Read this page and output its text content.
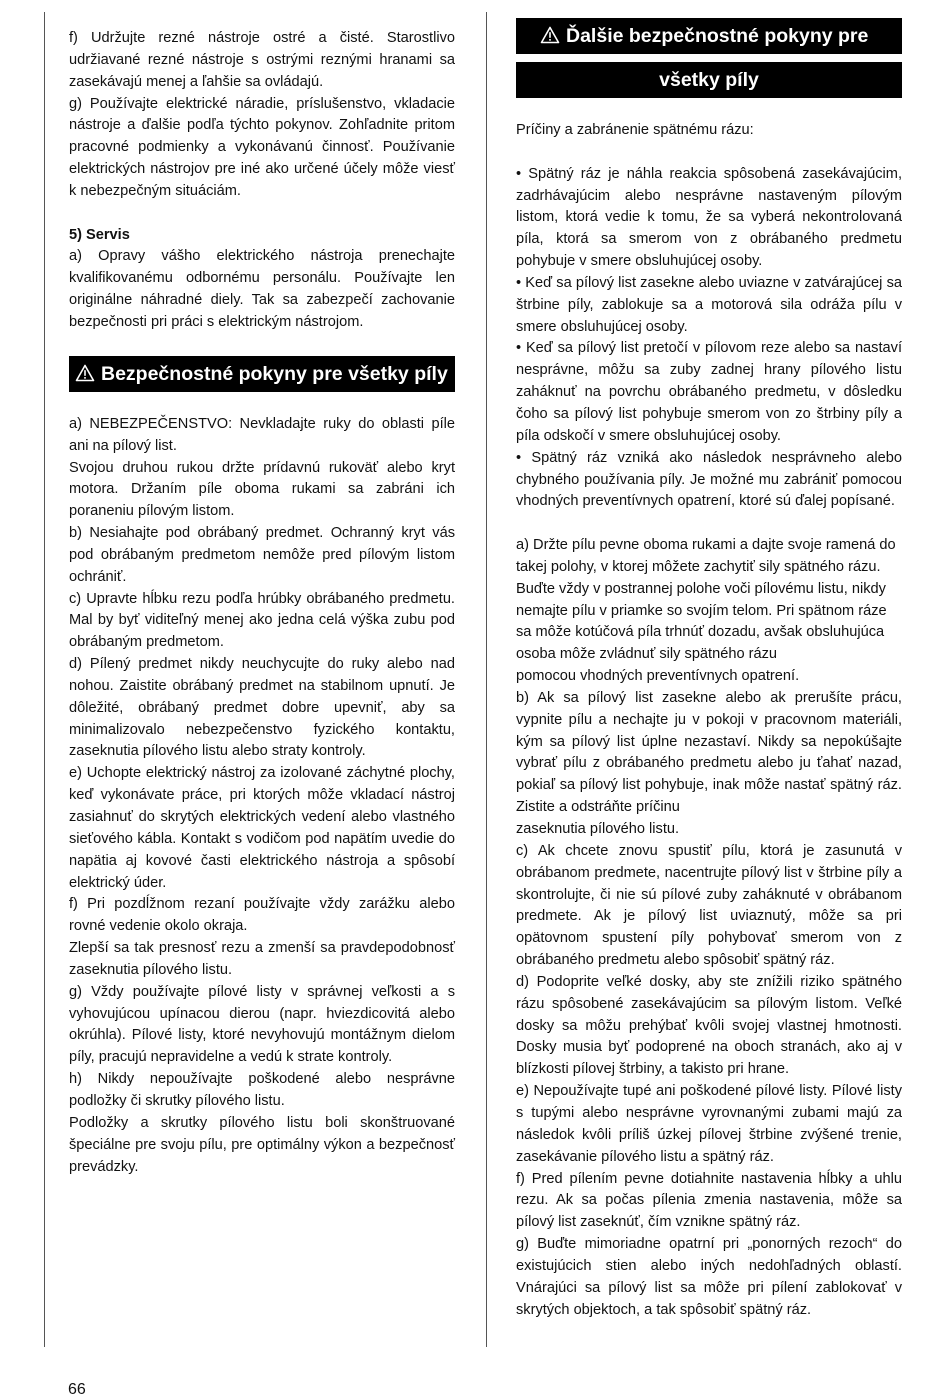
f) Udržujte rezné nástroje ostré a čisté. Starostlivo udržiavané rezné nástroje s ostrými reznými hranami sa zasekávajú menej a ľahšie sa ovládajú.

g) Používajte elektrické náradie, príslušenstvo, vkladacie nástroje a ďalšie podľa týchto pokynov. Zohľadnite pritom pracovné podmienky a vykonávanú činnosť. Používanie elektrických nástrojov pre iné ako určené účely môže viesť k nebezpečným situáciám.

5) Servis

a) Opravy vášho elektrického nástroja prenechajte kvalifikovanému odbornému personálu. Používajte len originálne náhradné diely. Tak sa zabezpečí zachovanie bezpečnosti pri práci s elektrickým nástrojom.

Bezpečnostné pokyny pre všetky píly

a) NEBEZPEČENSTVO: Nevkladajte ruky do oblasti píle ani na pílový list.

Svojou druhou rukou držte prídavnú rukoväť alebo kryt motora. Držaním píle oboma rukami sa zabráni ich poraneniu pílovým listom.

b) Nesiahajte pod obrábaný predmet. Ochranný kryt vás pod obrábaným predmetom nemôže pred pílovým listom ochrániť.

c) Upravte hĺbku rezu podľa hrúbky obrábaného predmetu. Mal by byť viditeľný menej ako jedna celá výška zubu pod obrábaným predmetom.

d) Pílený predmet nikdy neuchycujte do ruky alebo nad nohou. Zaistite obrábaný predmet na stabilnom upnutí. Je dôležité, obrábaný predmet dobre upevniť, aby sa minimalizovalo nebezpečenstvo fyzického kontaktu, zaseknutia pílového listu alebo straty kontroly.

e) Uchopte elektrický nástroj za izolované záchytné plochy, keď vykonávate práce, pri ktorých môže vkladací nástroj zasiahnuť do skrytých elektrických vedení alebo vlastného sieťového kábla. Kontakt s vodičom pod napätím uvedie do napätia aj kovové časti elektrického nástroja a spôsobí elektrický úder.

f) Pri pozdĺžnom rezaní používajte vždy zarážku alebo rovné vedenie okolo okraja.

Zlepší sa tak presnosť rezu a zmenší sa pravdepodobnosť zaseknutia pílového listu.

g) Vždy používajte pílové listy v správnej veľkosti a s vyhovujúcou upínacou dierou (napr. hviezdicovitá alebo okrúhla). Pílové listy, ktoré nevyhovujú montážnym dielom píly, pracujú nepravidelne a vedú k strate kontroly.

h) Nikdy nepoužívajte poškodené alebo nesprávne podložky či skrutky pílového listu.

Podložky a skrutky pílového listu boli skonštruované špeciálne pre svoju pílu, pre optimálny výkon a bezpečnosť prevádzky.

Ďalšie bezpečnostné pokyny pre
všetky píly

Príčiny a zabránenie spätnému rázu:

• Spätný ráz je náhla reakcia spôsobená zasekávajúcim, zadrhávajúcim alebo nesprávne nastaveným pílovým listom, ktorá vedie k tomu, že sa vyberá nekontrolovaná píla, ktorá sa smerom von z obrábaného predmetu pohybuje v smere obsluhujúcej osoby.

• Keď sa pílový list zasekne alebo uviazne v zatvárajúcej sa štrbine píly, zablokuje sa a motorová sila odráža pílu v smere obsluhujúcej osoby.

• Keď sa pílový list pretočí v pílovom reze alebo sa nastaví nesprávne, môžu sa zuby zadnej hrany pílového listu zaháknuť na povrchu obrábaného predmetu, v dôsledku čoho sa pílový list pohybuje smerom von zo štrbiny píly a píla odskočí v smere obsluhujúcej osoby.

• Spätný ráz vzniká ako následok nesprávneho alebo chybného používania píly. Je možné mu zabrániť pomocou vhodných preventívnych opatrení, ktoré sú ďalej popísané.

a) Držte pílu pevne oboma rukami a dajte svoje ramená do takej polohy, v ktorej môžete zachytiť sily spätného rázu. Buďte vždy v postrannej polohe voči pílovému listu, nikdy nemajte pílu v priamke so svojím telom. Pri spätnom ráze sa môže kotúčová píla trhnúť dozadu, avšak obsluhujúca osoba môže zvládnuť sily spätného rázu

pomocou vhodných preventívnych opatrení.

b) Ak sa pílový list zasekne alebo ak prerušíte prácu, vypnite pílu a nechajte ju v pokoji v pracovnom materiáli, kým sa pílový list úplne nezastaví. Nikdy sa nepokúšajte vybrať pílu z obrábaného predmetu alebo ju ťahať nazad, pokiaľ sa pílový list pohybuje, inak môže nastať spätný ráz. Zistite a odstráňte príčinu

zaseknutia pílového listu.

c) Ak chcete znovu spustiť pílu, ktorá je zasunutá v obrábanom predmete, nacentrujte pílový list v štrbine píly a skontrolujte, či nie sú pílové zuby zaháknuté v obrábanom predmete. Ak je pílový list uviaznutý, môže sa pri opätovnom spustení píly pohybovať smerom von z obrábaného predmetu alebo spôsobiť spätný ráz.

d) Podoprite veľké dosky, aby ste znížili riziko spätného rázu spôsobené zasekávajúcim sa pílovým listom. Veľké dosky sa môžu prehýbať kvôli svojej vlastnej hmotnosti. Dosky musia byť podoprené na oboch stranách, ako aj v blízkosti pílovej štrbiny, a takisto pri hrane.

e) Nepoužívajte tupé ani poškodené pílové listy. Pílové listy s tupými alebo nesprávne vyrovnanými zubami majú za následok kvôli príliš úzkej pílovej štrbine zvýšené trenie, zasekávanie pílového listu a spätný ráz.

f) Pred pílením pevne dotiahnite nastavenia hĺbky a uhlu rezu. Ak sa počas pílenia zmenia nastavenia, môže sa pílový list zaseknúť, čím vznikne spätný ráz.

g) Buďte mimoriadne opatrní pri „ponorných rezoch“ do existujúcich stien alebo iných nedohľadných oblastí. Vnárajúci sa pílový list sa môže pri pílení zablokovať v skrytých objektoch, a tak spôsobiť spätný ráz.

66
